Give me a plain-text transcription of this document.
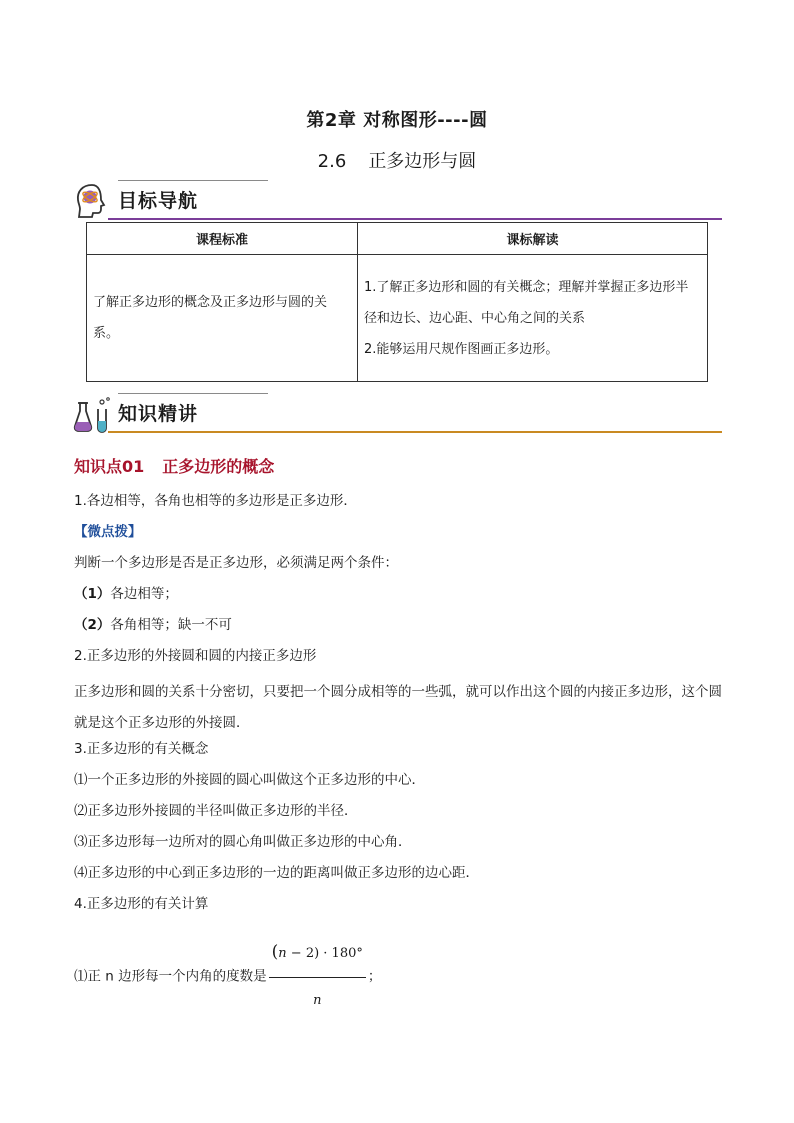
第2章 对称图形----圆
2.6 正多边形与圆
目标导航
课程标准	课标解读
了解正多边形的概念及正多边形与圆的关系。	1.了解正多边形和圆的有关概念；理解并掌握正多边形半径和边长、边心距、中心角之间的关系
2.能够运用尺规作图画正多边形。
知识精讲
知识点01 正多边形的概念
1.各边相等，各角也相等的多边形是正多边形．
【微点拨】
判断一个多边形是否是正多边形，必须满足两个条件：
（1）各边相等；
（2）各角相等；缺一不可
2.正多边形的外接圆和圆的内接正多边形
正多边形和圆的关系十分密切，只要把一个圆分成相等的一些弧，就可以作出这个圆的内接正多边形，这个圆就是这个正多边形的外接圆．
3.正多边形的有关概念
⑴一个正多边形的外接圆的圆心叫做这个正多边形的中心．
⑵正多边形外接圆的半径叫做正多边形的半径．
⑶正多边形每一边所对的圆心角叫做正多边形的中心角．
⑷正多边形的中心到正多边形的一边的距离叫做正多边形的边心距．
4.正多边形的有关计算
⑴正 n 边形每一个内角的度数是 $\frac{(n - 2) \cdot 180^\circ}{n}$ ；
